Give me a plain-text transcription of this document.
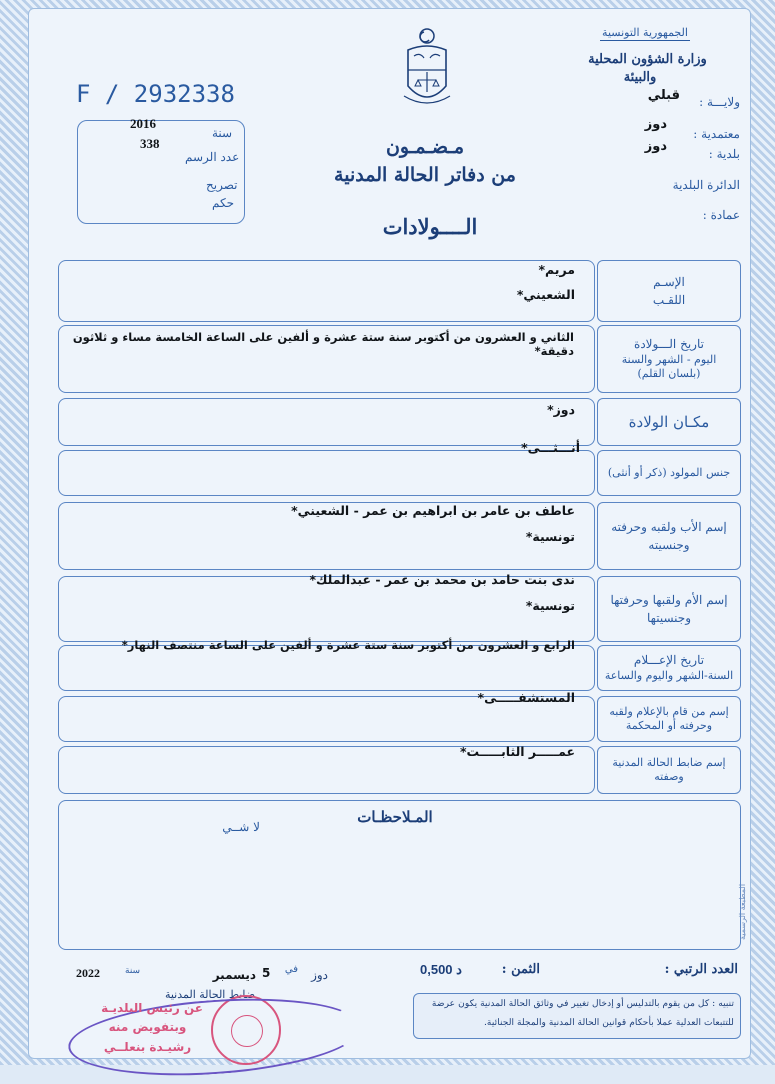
الجمهورية التونسية
وزارة الشؤون المحلية
والبيئة
ولايـــة :
قبلي
معتمدية :
دوز
بلدية :
دوز
الدائرة البلدية
عمادة :
F / 2932338
سنة
2016
عدد الرسم
338
تصريح
حكم
مـضـمـون
من دفاتر الحالة المدنية
الــــولادات
الإسـم
اللقـب
مريم*
الشعيني*
تاريخ الـــولادة
اليوم - الشهر والسنة
(بلسان القلم)
الثاني و العشرون من أكتوبر سنة ستة عشرة و ألفين على الساعة الخامسة مساء و ثلاثون دقيقة*
مكـان الولادة
دوز*
جنس المولود (ذكر أو أنثى)
أنـــثـــى*
إسم الأب ولقبه وحرفته
وجنسيته
عاطف بن عامر بن ابراهيم بن عمر - الشعيني*
تونسية*
إسم الأم ولقبها وحرفتها
وجنسيتها
ندى بنت حامد بن محمد بن عمر - عبدالملك*
تونسية*
تاريخ الإعـــلام
السنة-الشهر واليوم والساعة
الرابع و العشرون من أكتوبر سنة ستة عشرة و ألفين على الساعة منتصف النهار*
إسم من قام بالإعلام ولقبه
وحرفته أو المحكمة
المستشفـــــى*
إسم ضابط الحالة المدنية
وصفته
عمـــــر الثابـــــت*
المـلاحظـات
لا شــي
المطبعة الرسمية
العدد الرتبي :
الثمن :
0,500 د
دوز
في
5
ديسمبر
سنة
2022
ضابط الحالة المدنية
تنبيه : كل من يقوم بالتدليس أو إدخال تغيير في وثائق الحالة المدنية يكون عرضة
للتتبعات العدلية عملا بأحكام قوانين الحالة المدنية والمجلة الجنائية.
عن رئيس البلديـة
وبتفويض منه
رشيـدة بنعلــي
